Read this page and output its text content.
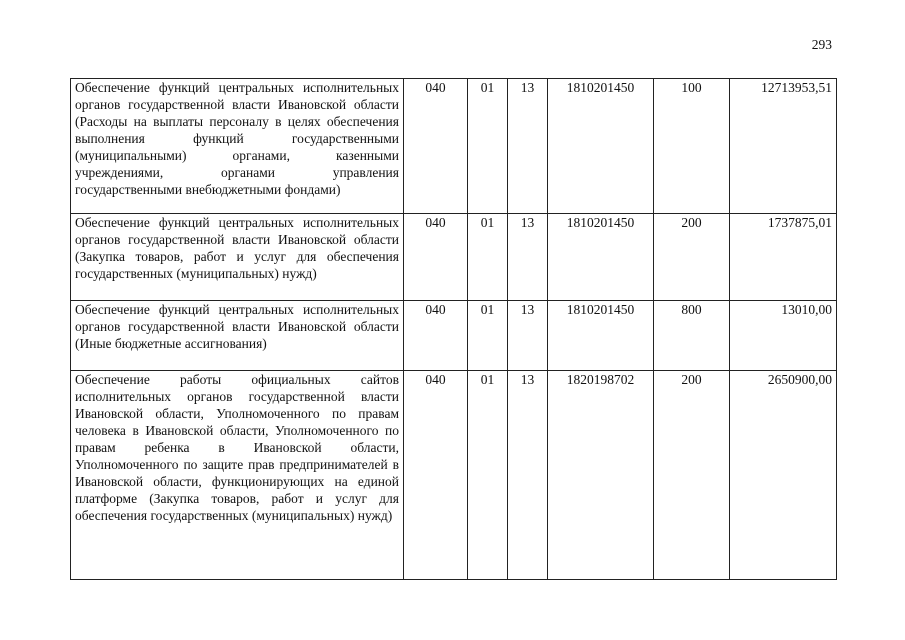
293
Обеспечение функций центральных исполнительных органов государственной власти Ивановской области (Расходы на выплаты персоналу в целях обеспечения выполнения функций государственными (муниципальными) органами, казенными учреждениями, органами управления государственными внебюджетными фондами)	040	01	13	1810201450	100	12713953,51
Обеспечение функций центральных исполнительных органов государственной власти Ивановской области (Закупка товаров, работ и услуг для обеспечения государственных (муниципальных) нужд)	040	01	13	1810201450	200	1737875,01
Обеспечение функций центральных исполнительных органов государственной власти Ивановской области (Иные бюджетные ассигнования)	040	01	13	1810201450	800	13010,00
Обеспечение работы официальных сайтов исполнительных органов государственной власти Ивановской области, Уполномоченного по правам человека в Ивановской области, Уполномоченного по правам ребенка в Ивановской области, Уполномоченного по защите прав предпринимателей в Ивановской области, функционирующих на единой платформе (Закупка товаров, работ и услуг для обеспечения государственных (муниципальных) нужд)	040	01	13	1820198702	200	2650900,00
